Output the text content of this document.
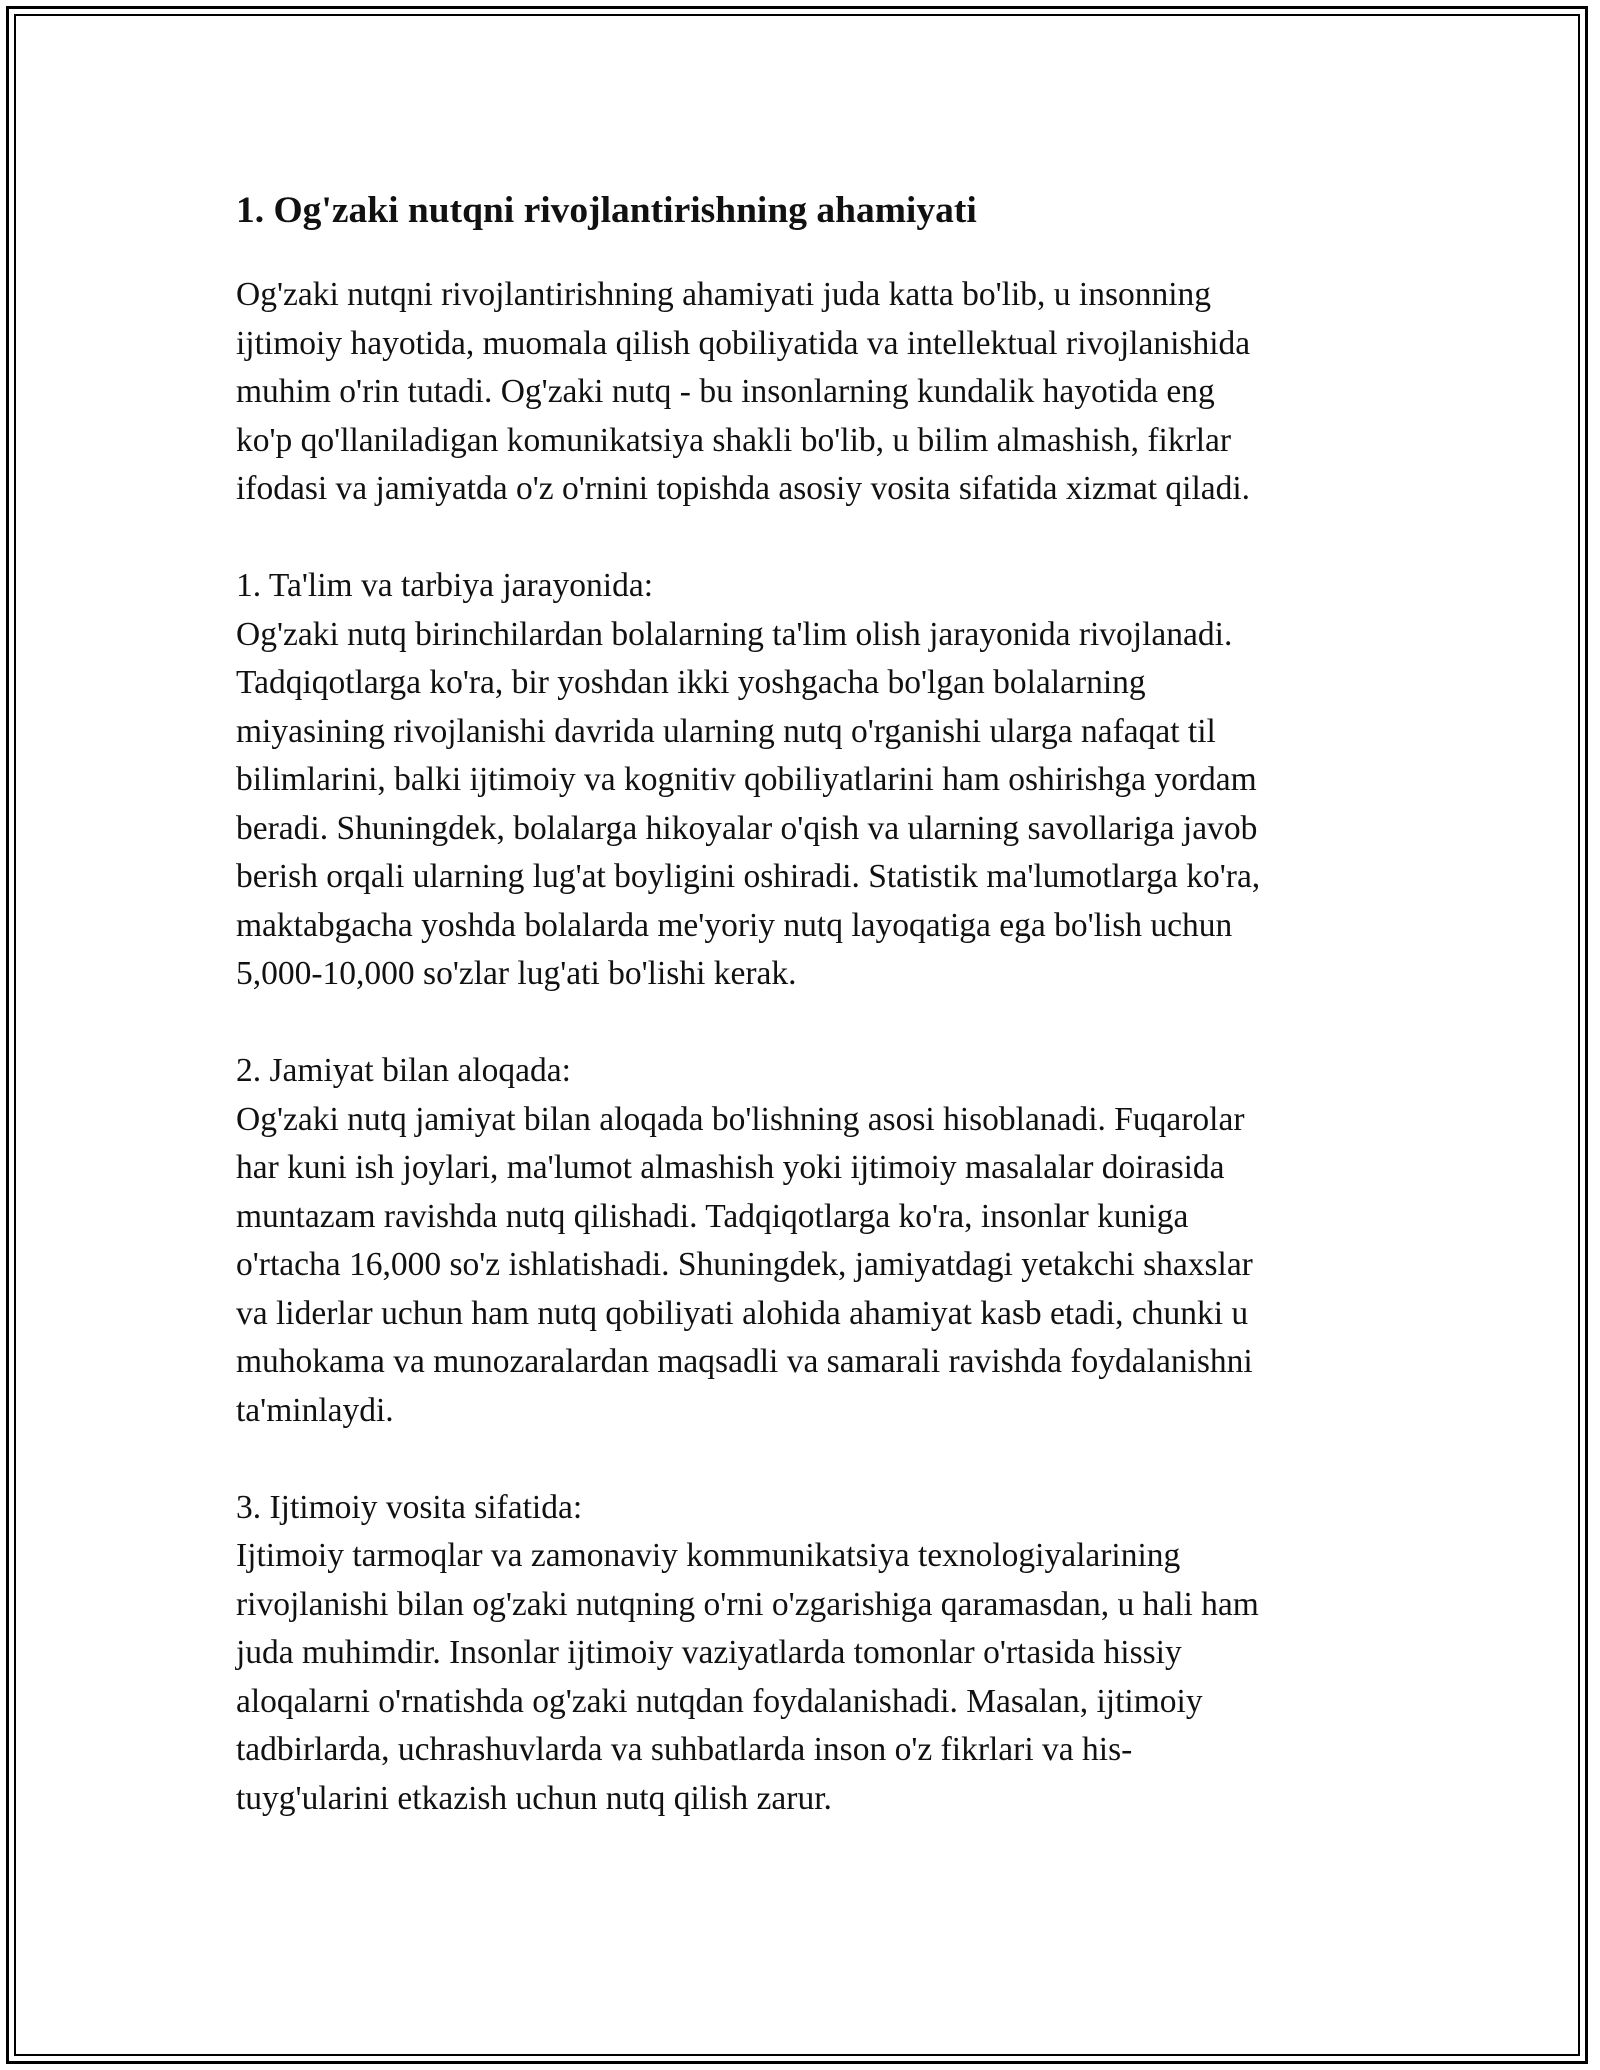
1. Og'zaki nutqni rivojlantirishning ahamiyati

Og'zaki nutqni rivojlantirishning ahamiyati juda katta bo'lib, u insonning
ijtimoiy hayotida, muomala qilish qobiliyatida va intellektual rivojlanishida
muhim o'rin tutadi. Og'zaki nutq - bu insonlarning kundalik hayotida eng
ko'p qo'llaniladigan komunikatsiya shakli bo'lib, u bilim almashish, fikrlar
ifodasi va jamiyatda o'z o'rnini topishda asosiy vosita sifatida xizmat qiladi.

1. Ta'lim va tarbiya jarayonida:

Og'zaki nutq birinchilardan bolalarning ta'lim olish jarayonida rivojlanadi.
Tadqiqotlarga ko'ra, bir yoshdan ikki yoshgacha bo'lgan bolalarning
miyasining rivojlanishi davrida ularning nutq o'rganishi ularga nafaqat til
bilimlarini, balki ijtimoiy va kognitiv qobiliyatlarini ham oshirishga yordam
beradi. Shuningdek, bolalarga hikoyalar o'qish va ularning savollariga javob
berish orqali ularning lug'at boyligini oshiradi. Statistik ma'lumotlarga ko'ra,
maktabgacha yoshda bolalarda me'yoriy nutq layoqatiga ega bo'lish uchun
5,000-10,000 so'zlar lug'ati bo'lishi kerak.

2. Jamiyat bilan aloqada:

Og'zaki nutq jamiyat bilan aloqada bo'lishning asosi hisoblanadi. Fuqarolar
har kuni ish joylari, ma'lumot almashish yoki ijtimoiy masalalar doirasida
muntazam ravishda nutq qilishadi. Tadqiqotlarga ko'ra, insonlar kuniga
o'rtacha 16,000 so'z ishlatishadi. Shuningdek, jamiyatdagi yetakchi shaxslar
va liderlar uchun ham nutq qobiliyati alohida ahamiyat kasb etadi, chunki u
muhokama va munozaralardan maqsadli va samarali ravishda foydalanishni
ta'minlaydi.

3. Ijtimoiy vosita sifatida:

Ijtimoiy tarmoqlar va zamonaviy kommunikatsiya texnologiyalarining
rivojlanishi bilan og'zaki nutqning o'rni o'zgarishiga qaramasdan, u hali ham
juda muhimdir. Insonlar ijtimoiy vaziyatlarda tomonlar o'rtasida hissiy
aloqalarni o'rnatishda og'zaki nutqdan foydalanishadi. Masalan, ijtimoiy
tadbirlarda, uchrashuvlarda va suhbatlarda inson o'z fikrlari va his-
tuyg'ularini etkazish uchun nutq qilish zarur.
